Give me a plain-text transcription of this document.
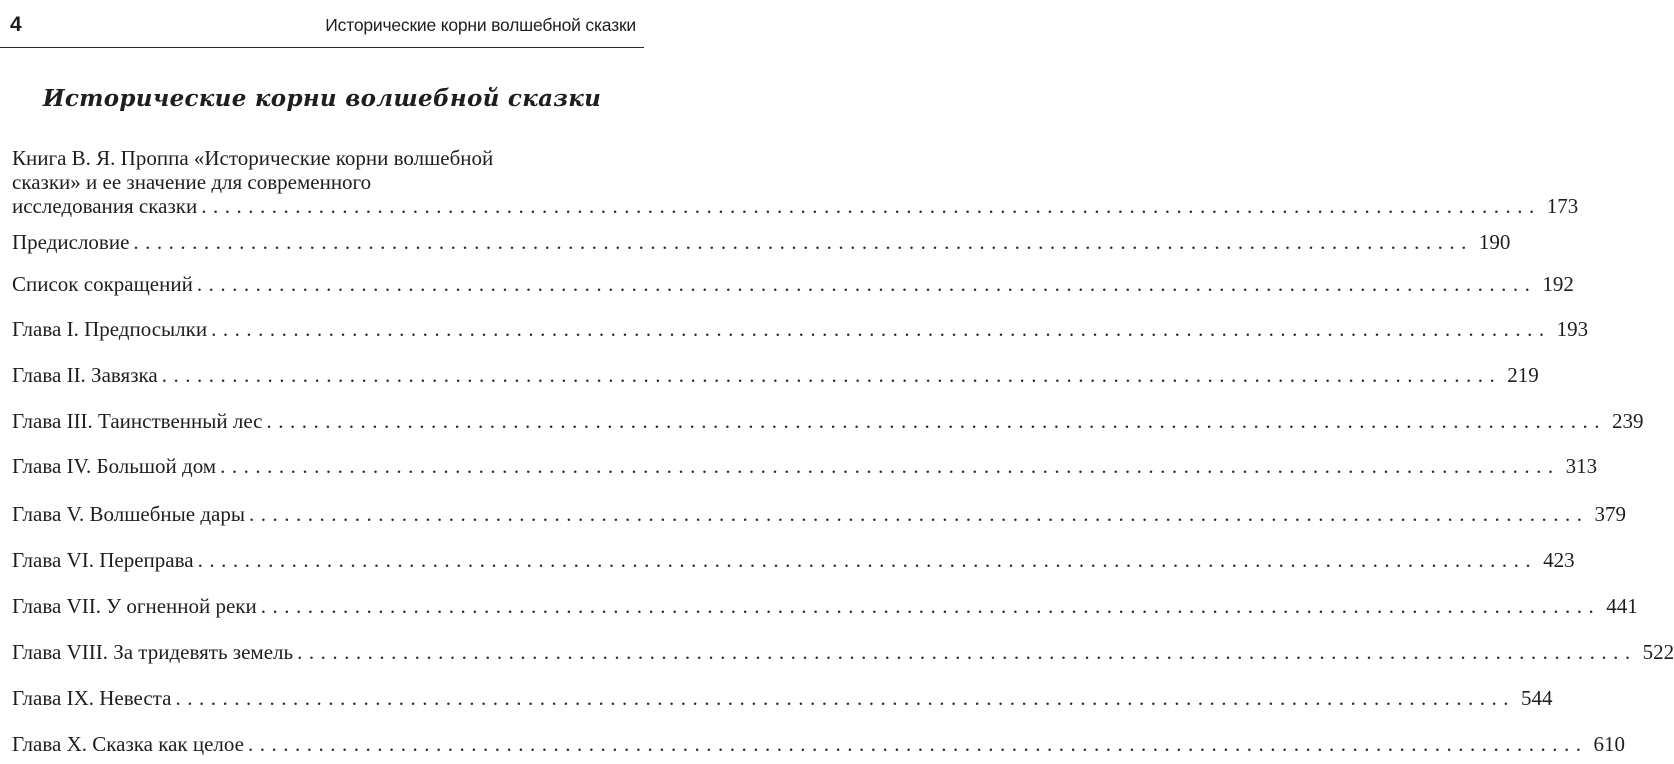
4	Исторические корни волшебной сказки
Исторические корни волшебной сказки
Книга В. Я. Проппа «Исторические корни волшебной
сказки» и ее значение для современного
исследования сказки .................................................................................................................. 173
Предисловие .................................................................................................................. 190
Список сокращений .................................................................................................................. 192
Глава I. Предпосылки .................................................................................................................. 193
Глава II. Завязка .................................................................................................................. 219
Глава III. Таинственный лес .................................................................................................................. 239
Глава IV. Большой дом .................................................................................................................. 313
Глава V. Волшебные дары .................................................................................................................. 379
Глава VI. Переправа .................................................................................................................. 423
Глава VII. У огненной реки .................................................................................................................. 441
Глава VIII. За тридевять земель .................................................................................................................. 522
Глава IX. Невеста .................................................................................................................. 544
Глава X. Сказка как целое .................................................................................................................. 610
